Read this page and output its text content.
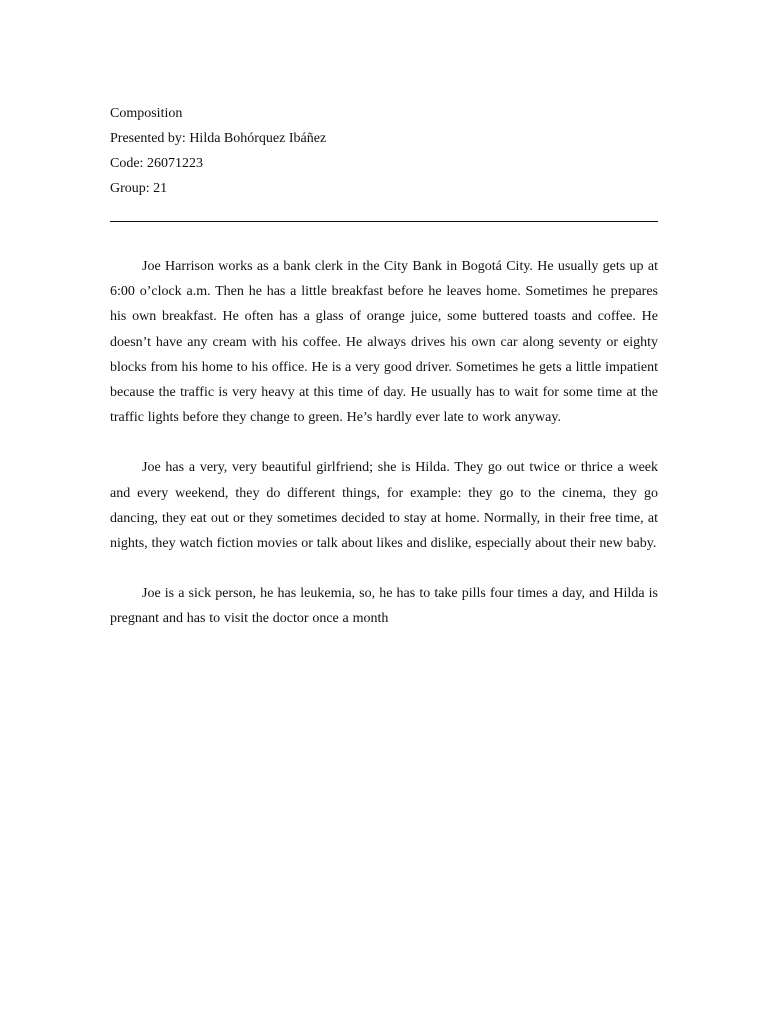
Composition
Presented by: Hilda Bohórquez Ibáñez
Code: 26071223
Group: 21

Joe Harrison works as a bank clerk in the City Bank in Bogotá City. He usually gets up at 6:00 o’clock a.m. Then he has a little breakfast before he leaves home. Sometimes he prepares his own breakfast. He often has a glass of orange juice, some buttered toasts and coffee. He doesn’t have any cream with his coffee. He always drives his own car along seventy or eighty blocks from his home to his office. He is a very good driver. Sometimes he gets a little impatient because the traffic is very heavy at this time of day. He usually has to wait for some time at the traffic lights before they change to green. He’s hardly ever late to work anyway.

Joe has a very, very beautiful girlfriend; she is Hilda. They go out twice or thrice a week and every weekend, they do different things, for example: they go to the cinema, they go dancing, they eat out or they sometimes decided to stay at home. Normally, in their free time, at nights, they watch fiction movies or talk about likes and dislike, especially about their new baby.

Joe is a sick person, he has leukemia, so, he has to take pills four times a day, and Hilda is pregnant and has to visit the doctor once a month
